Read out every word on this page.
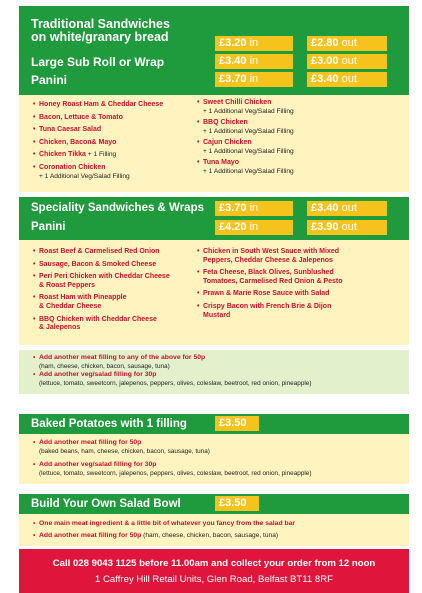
Traditional Sandwiches
on white/granary bread	£3.20 in	£2.80 out
Large Sub Roll or Wrap	£3.40 in	£3.00 out
Panini	£3.70 in	£3.40 out
• Honey Roast Ham & Cheddar Cheese
• Bacon, Lettuce & Tomato
• Tuna Caesar Salad
• Chicken, Bacon& Mayo
• Chicken Tikka + 1 Filling
• Coronation Chicken
+ 1 Additional Veg/Salad Filling
• Sweet Chilli Chicken
+ 1 Additional Veg/Salad Filling
• BBQ Chicken
+ 1 Additional Veg/Salad Filling
• Cajun Chicken
+ 1 Additional Veg/Salad Filling
• Tuna Mayo
+ 1 Additional Veg/Salad Filling
Speciality Sandwiches & Wraps	£3.70 in	£3.40 out
Panini	£4.20 in	£3.90 out
• Roast Beef & Carmelised Red Onion
• Sausage, Bacon & Smoked Cheese
• Peri Peri Chicken with Cheddar Cheese
& Roast Peppers
• Roast Ham with Pineapple
& Cheddar Cheese
• BBQ Chicken with Cheddar Cheese
& Jalepenos
• Chicken in South West Sauce with Mixed
Peppers, Cheddar Cheese & Jalepenos
• Feta Cheese, Black Olives, Sunblushed
Tomatoes, Carmelised Red Onion & Pesto
• Prawn & Marie Rose Sauce with Salad
• Crispy Bacon with French Brie & Dijon
Mustard
• Add another meat filling to any of the above for 50p
(ham, cheese, chicken, bacon, sausage, tuna)
• Add another veg/salad filling for 30p
(lettuce, tomato, sweetcorn, jalepenos, peppers, olives, coleslaw, beetroot, red onion, pineapple)
Baked Potatoes with 1 filling	£3.50
• Add another meat filling for 50p
(baked beans, ham, cheese, chicken, bacon, sausage, tuna)
• Add another veg/salad filling for 30p
(lettuce, tomato, sweetcorn, jalepenos, peppers, olives, coleslaw, beetroot, red onion, pineapple)
Build Your Own Salad Bowl	£3.50
• One main meat ingredient & a little bit of whatever you fancy from the salad bar
• Add another meat filling for 50p (ham, cheese, chicken, bacon, sausage, tuna)
Call 028 9043 1125 before 11.00am and collect your order from 12 noon
1 Caffrey Hill Retail Units, Glen Road, Belfast BT11 8RF
